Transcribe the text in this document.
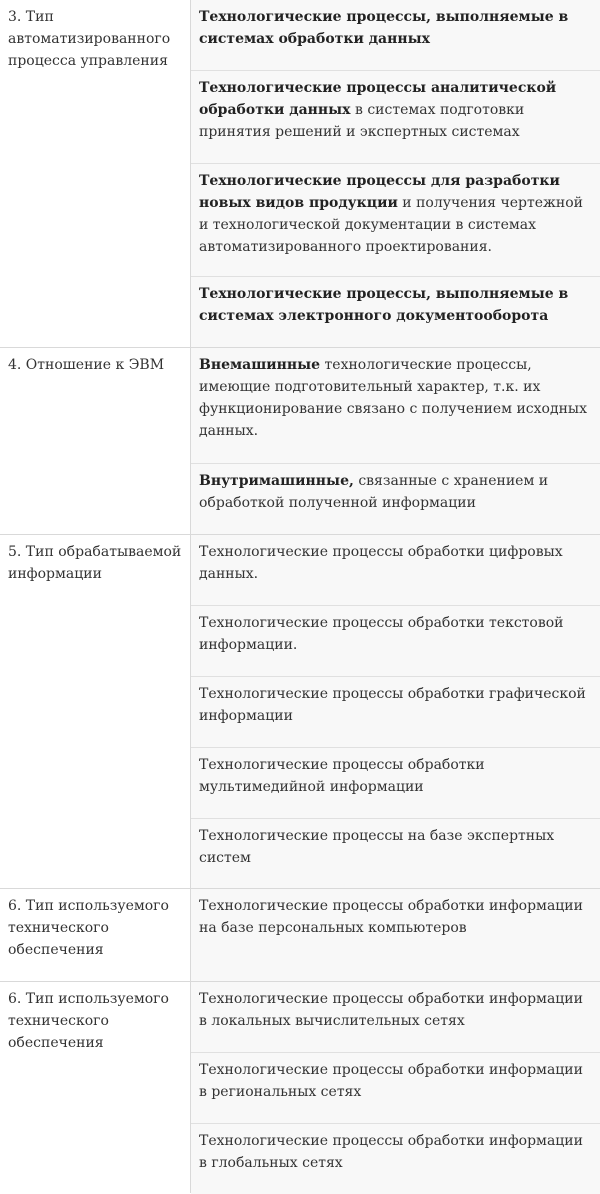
3. Тип автоматизированного процесса управления
Технологические процессы, выполняемые в системах обработки данных
Технологические процессы аналитической обработки данных в системах подготовки принятия решений и экспертных системах
Технологические процессы для разработки новых видов продукции и получения чертежной и технологической документации в системах автоматизированного проектирования.
Технологические процессы, выполняемые в системах электронного документооборота
4. Отношение к ЭВМ	Внемашинные технологические процессы, имеющие подготовительный характер, т.к. их функционирование связано с получением исходных данных.
Внутримашинные, связанные с хранением и обработкой полученной информации
5. Тип обрабатываемой информации
Технологические процессы обработки цифровых данных.
Технологические процессы обработки текстовой информации.
Технологические процессы обработки графической информации
Технологические процессы обработки мультимедийной информации
Технологические процессы на базе экспертных систем
6. Тип используемого технического обеспечения
Технологические процессы обработки информации на базе персональных компьютеров
6. Тип используемого технического обеспечения
Технологические процессы обработки информации в локальных вычислительных сетях
Технологические процессы обработки информации в региональных сетях
Технологические процессы обработки информации в глобальных сетях
